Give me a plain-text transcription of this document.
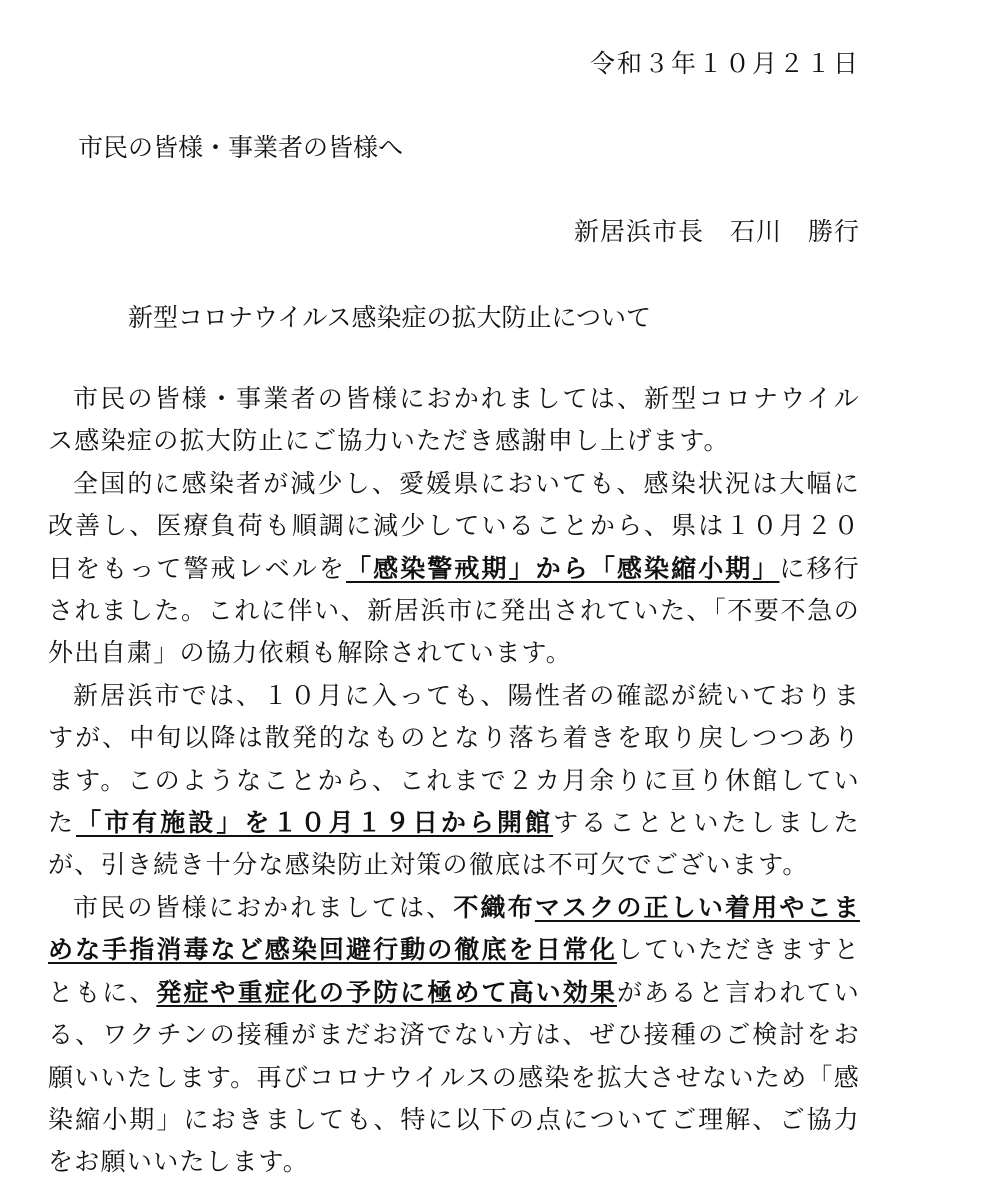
令和３年１０月２１日
市民の皆様・事業者の皆様へ
新居浜市長　石川　勝行
新型コロナウイルス感染症の拡大防止について

市民の皆様・事業者の皆様におかれましては、新型コロナウイルス感染症の拡大防止にご協力いただき感謝申し上げます。

全国的に感染者が減少し、愛媛県においても、感染状況は大幅に改善し、医療負荷も順調に減少していることから、県は１０月２０日をもって警戒レベルを「感染警戒期」から「感染縮小期」に移行されました。これに伴い、新居浜市に発出されていた、「不要不急の外出自粛」の協力依頼も解除されています。

新居浜市では、１０月に入っても、陽性者の確認が続いておりますが、中旬以降は散発的なものとなり落ち着きを取り戻しつつあります。このようなことから、これまで２カ月余りに亘り休館していた「市有施設」を１０月１９日から開館することといたしましたが、引き続き十分な感染防止対策の徹底は不可欠でございます。

市民の皆様におかれましては、不織布マスクの正しい着用やこまめな手指消毒など感染回避行動の徹底を日常化していただきますとともに、発症や重症化の予防に極めて高い効果があると言われている、ワクチンの接種がまだお済でない方は、ぜひ接種のご検討をお願いいたします。再びコロナウイルスの感染を拡大させないため「感染縮小期」におきましても、特に以下の点についてご理解、ご協力をお願いいたします。
